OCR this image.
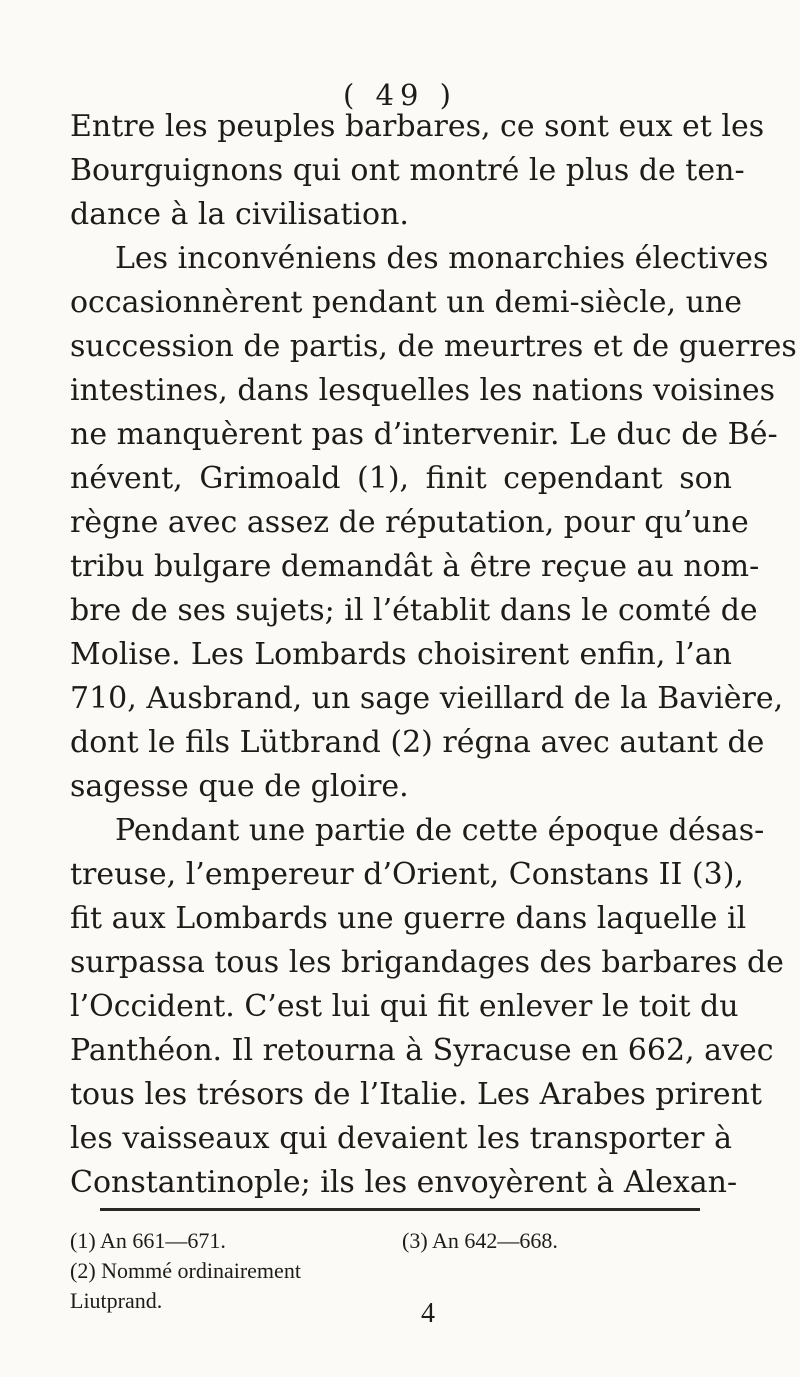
( 49 )
Entre les peuples barbares, ce sont eux et les
Bourguignons qui ont montré le plus de ten-
dance à la civilisation.
Les inconvéniens des monarchies électives
occasionnèrent pendant un demi-siècle, une
succession de partis, de meurtres et de guerres
intestines, dans lesquelles les nations voisines
ne manquèrent pas d’intervenir. Le duc de Bé-
névent, Grimoald (1), finit cependant son
règne avec assez de réputation, pour qu’une
tribu bulgare demandât à être reçue au nom-
bre de ses sujets; il l’établit dans le comté de
Molise. Les Lombards choisirent enfin, l’an
710, Ausbrand, un sage vieillard de la Bavière,
dont le fils Lütbrand (2) régna avec autant de
sagesse que de gloire.
Pendant une partie de cette époque désas-
treuse, l’empereur d’Orient, Constans II (3),
fit aux Lombards une guerre dans laquelle il
surpassa tous les brigandages des barbares de
l’Occident. C’est lui qui fit enlever le toit du
Panthéon. Il retourna à Syracuse en 662, avec
tous les trésors de l’Italie. Les Arabes prirent
les vaisseaux qui devaient les transporter à
Constantinople; ils les envoyèrent à Alexan-
(1) An 661—671.	(3) An 642—668.
(2) Nommé ordinairement
Liutprand.	4
